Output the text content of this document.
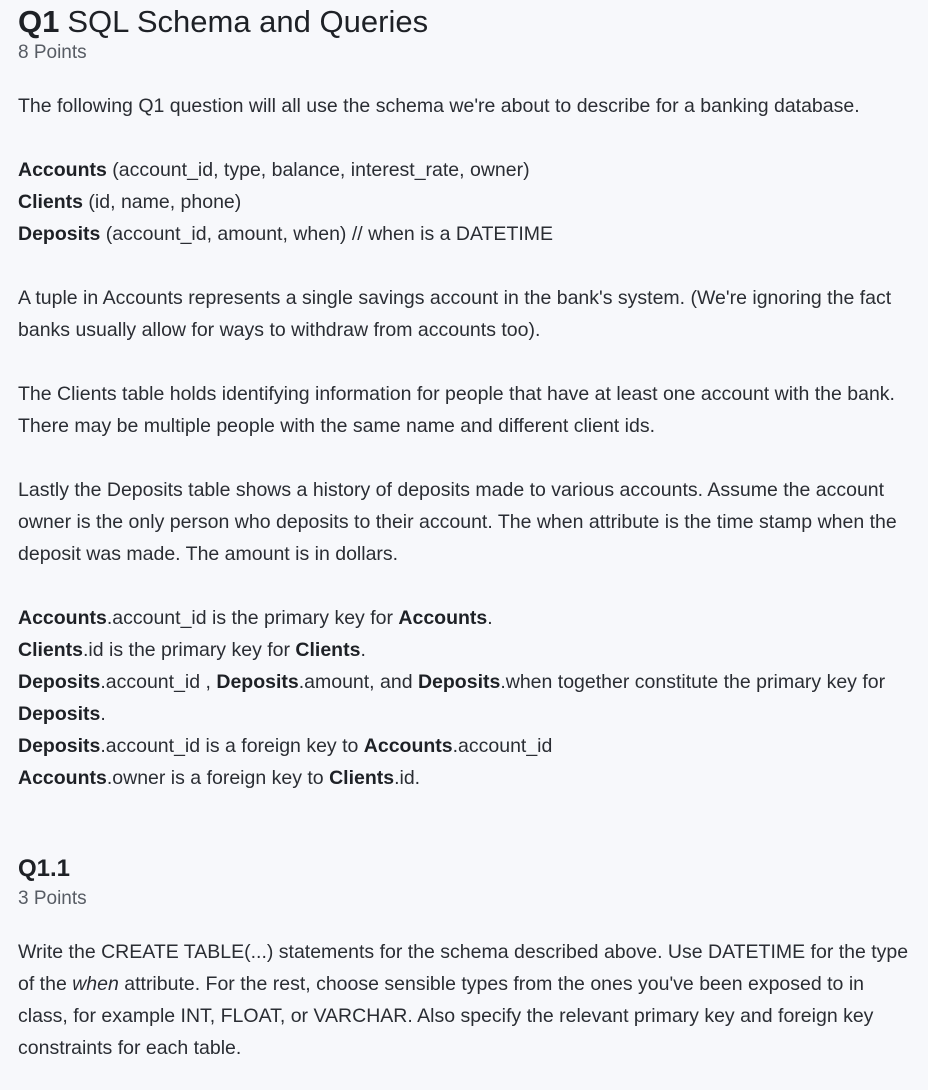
Q1 SQL Schema and Queries
8 Points

The following Q1 question will all use the schema we're about to describe for a banking database.

Accounts (account_id, type, balance, interest_rate, owner)
Clients (id, name, phone)
Deposits (account_id, amount, when) // when is a DATETIME

A tuple in Accounts represents a single savings account in the bank's system. (We're ignoring the fact banks usually allow for ways to withdraw from accounts too).

The Clients table holds identifying information for people that have at least one account with the bank. There may be multiple people with the same name and different client ids.

Lastly the Deposits table shows a history of deposits made to various accounts. Assume the account owner is the only person who deposits to their account. The when attribute is the time stamp when the deposit was made. The amount is in dollars.

Accounts.account_id is the primary key for Accounts.
Clients.id is the primary key for Clients.
Deposits.account_id , Deposits.amount, and Deposits.when together constitute the primary key for Deposits.
Deposits.account_id is a foreign key to Accounts.account_id
Accounts.owner is a foreign key to Clients.id.

Q1.1
3 Points

Write the CREATE TABLE(...) statements for the schema described above. Use DATETIME for the type of the when attribute. For the rest, choose sensible types from the ones you've been exposed to in class, for example INT, FLOAT, or VARCHAR. Also specify the relevant primary key and foreign key constraints for each table.
